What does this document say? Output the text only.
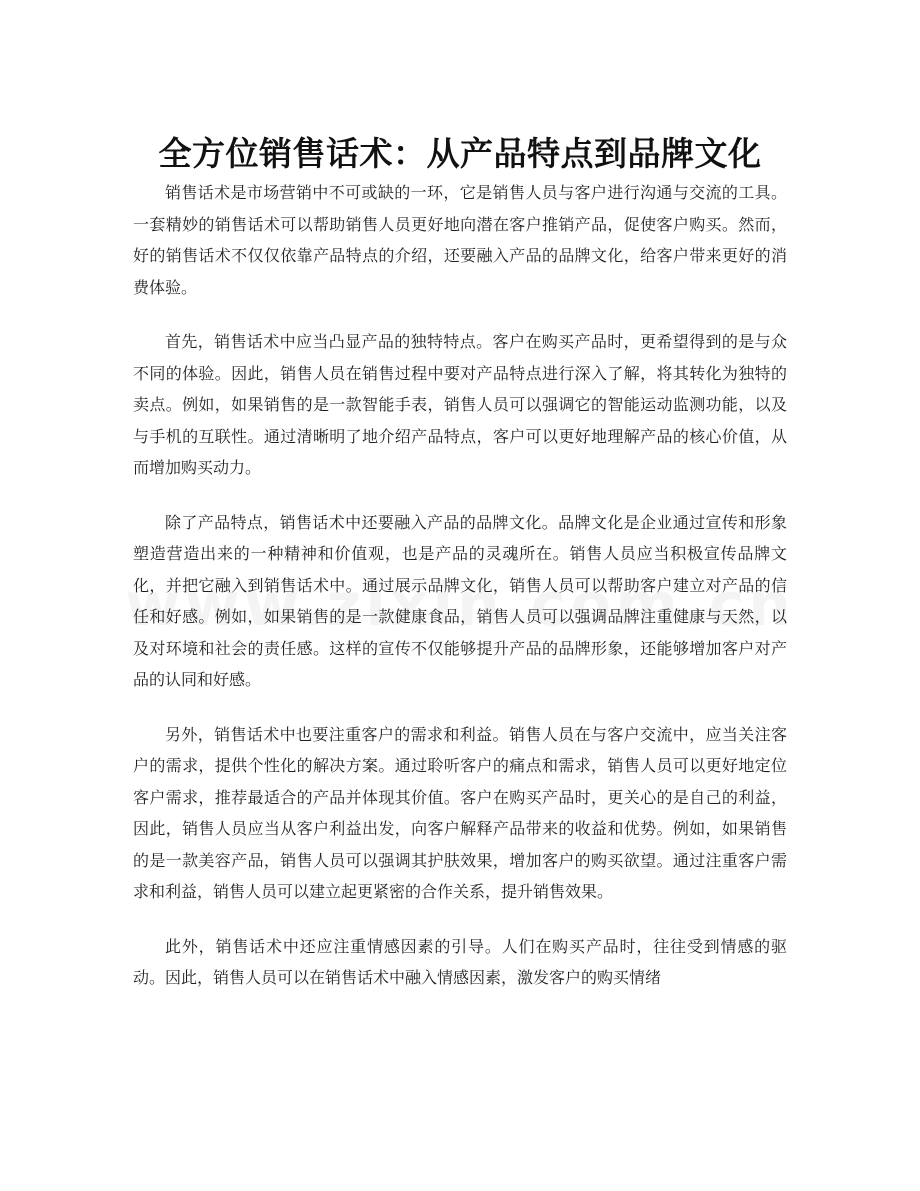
全方位销售话术：从产品特点到品牌文化

销售话术是市场营销中不可或缺的一环，它是销售人员与客户进行沟通与交流的工具。一套精妙的销售话术可以帮助销售人员更好地向潜在客户推销产品，促使客户购买。然而，好的销售话术不仅仅依靠产品特点的介绍，还要融入产品的品牌文化，给客户带来更好的消费体验。

首先，销售话术中应当凸显产品的独特特点。客户在购买产品时，更希望得到的是与众不同的体验。因此，销售人员在销售过程中要对产品特点进行深入了解，将其转化为独特的卖点。例如，如果销售的是一款智能手表，销售人员可以强调它的智能运动监测功能，以及与手机的互联性。通过清晰明了地介绍产品特点，客户可以更好地理解产品的核心价值，从而增加购买动力。

除了产品特点，销售话术中还要融入产品的品牌文化。品牌文化是企业通过宣传和形象塑造营造出来的一种精神和价值观，也是产品的灵魂所在。销售人员应当积极宣传品牌文化，并把它融入到销售话术中。通过展示品牌文化，销售人员可以帮助客户建立对产品的信任和好感。例如，如果销售的是一款健康食品，销售人员可以强调品牌注重健康与天然，以及对环境和社会的责任感。这样的宣传不仅能够提升产品的品牌形象，还能够增加客户对产品的认同和好感。

另外，销售话术中也要注重客户的需求和利益。销售人员在与客户交流中，应当关注客户的需求，提供个性化的解决方案。通过聆听客户的痛点和需求，销售人员可以更好地定位客户需求，推荐最适合的产品并体现其价值。客户在购买产品时，更关心的是自己的利益，因此，销售人员应当从客户利益出发，向客户解释产品带来的收益和优势。例如，如果销售的是一款美容产品，销售人员可以强调其护肤效果，增加客户的购买欲望。通过注重客户需求和利益，销售人员可以建立起更紧密的合作关系，提升销售效果。

此外，销售话术中还应注重情感因素的引导。人们在购买产品时，往往受到情感的驱动。因此，销售人员可以在销售话术中融入情感因素，激发客户的购买情绪
